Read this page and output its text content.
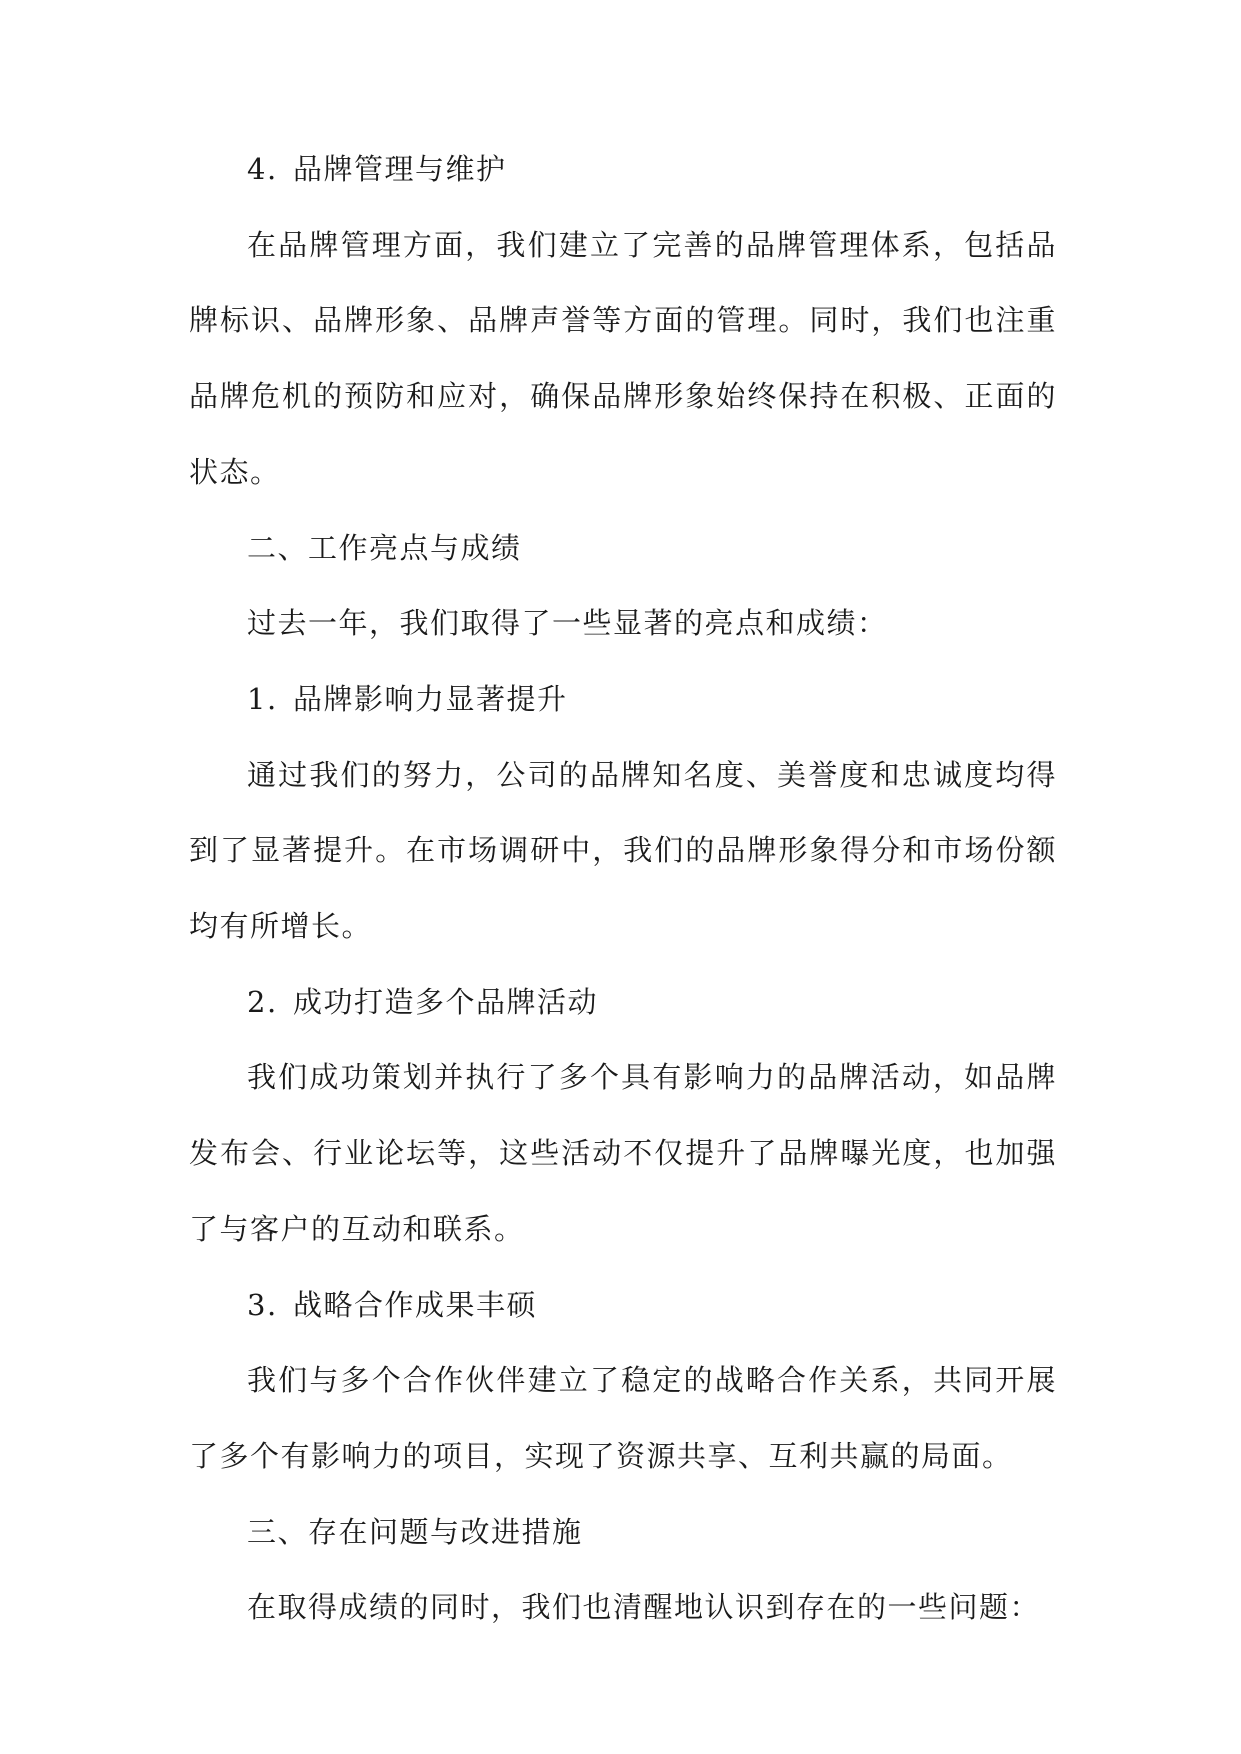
4. 品牌管理与维护

在品牌管理方面，我们建立了完善的品牌管理体系，包括品牌标识、品牌形象、品牌声誉等方面的管理。同时，我们也注重品牌危机的预防和应对，确保品牌形象始终保持在积极、正面的状态。

二、工作亮点与成绩

过去一年，我们取得了一些显著的亮点和成绩：

1. 品牌影响力显著提升

通过我们的努力，公司的品牌知名度、美誉度和忠诚度均得到了显著提升。在市场调研中，我们的品牌形象得分和市场份额均有所增长。

2. 成功打造多个品牌活动

我们成功策划并执行了多个具有影响力的品牌活动，如品牌发布会、行业论坛等，这些活动不仅提升了品牌曝光度，也加强了与客户的互动和联系。

3. 战略合作成果丰硕

我们与多个合作伙伴建立了稳定的战略合作关系，共同开展了多个有影响力的项目，实现了资源共享、互利共赢的局面。

三、存在问题与改进措施

在取得成绩的同时，我们也清醒地认识到存在的一些问题：
